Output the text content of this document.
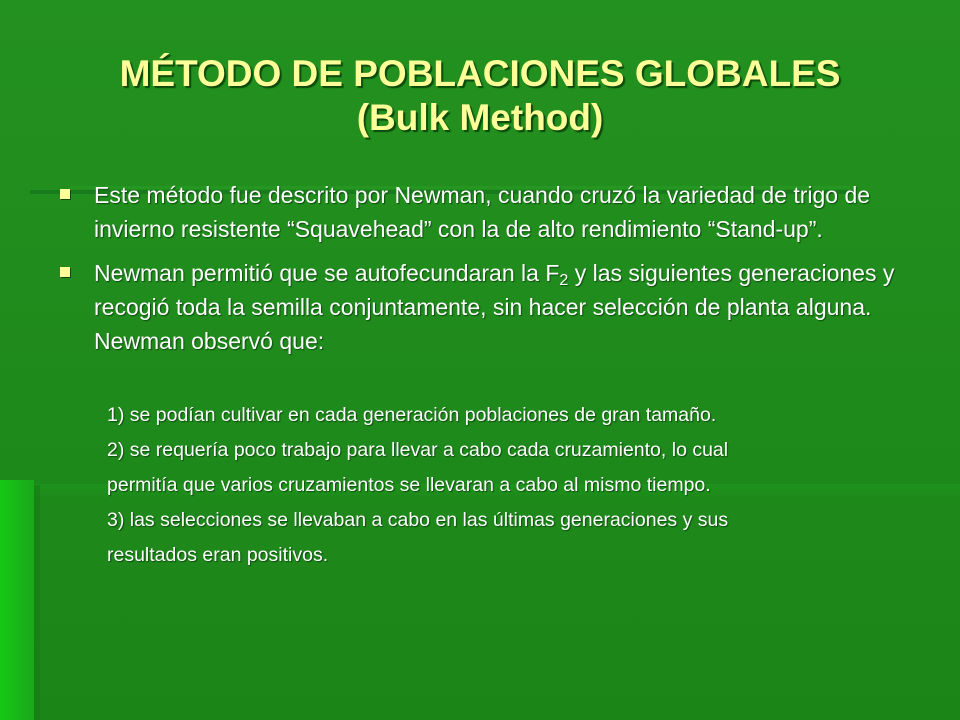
MÉTODO DE POBLACIONES GLOBALES
(Bulk Method)
Este método fue descrito por Newman, cuando cruzó la variedad de trigo de invierno resistente “Squavehead” con la de alto rendimiento “Stand-up”.
Newman permitió que se autofecundaran la $F_2$ y las siguientes generaciones y recogió toda la semilla conjuntamente, sin hacer selección de planta alguna. Newman observó que:
1) se podían cultivar en cada generación poblaciones de gran tamaño.
2) se requería poco trabajo para llevar a cabo cada cruzamiento, lo cual
permitía que varios cruzamientos se llevaran a cabo al mismo tiempo.
3) las selecciones se llevaban a cabo en las últimas generaciones y sus
resultados eran positivos.
